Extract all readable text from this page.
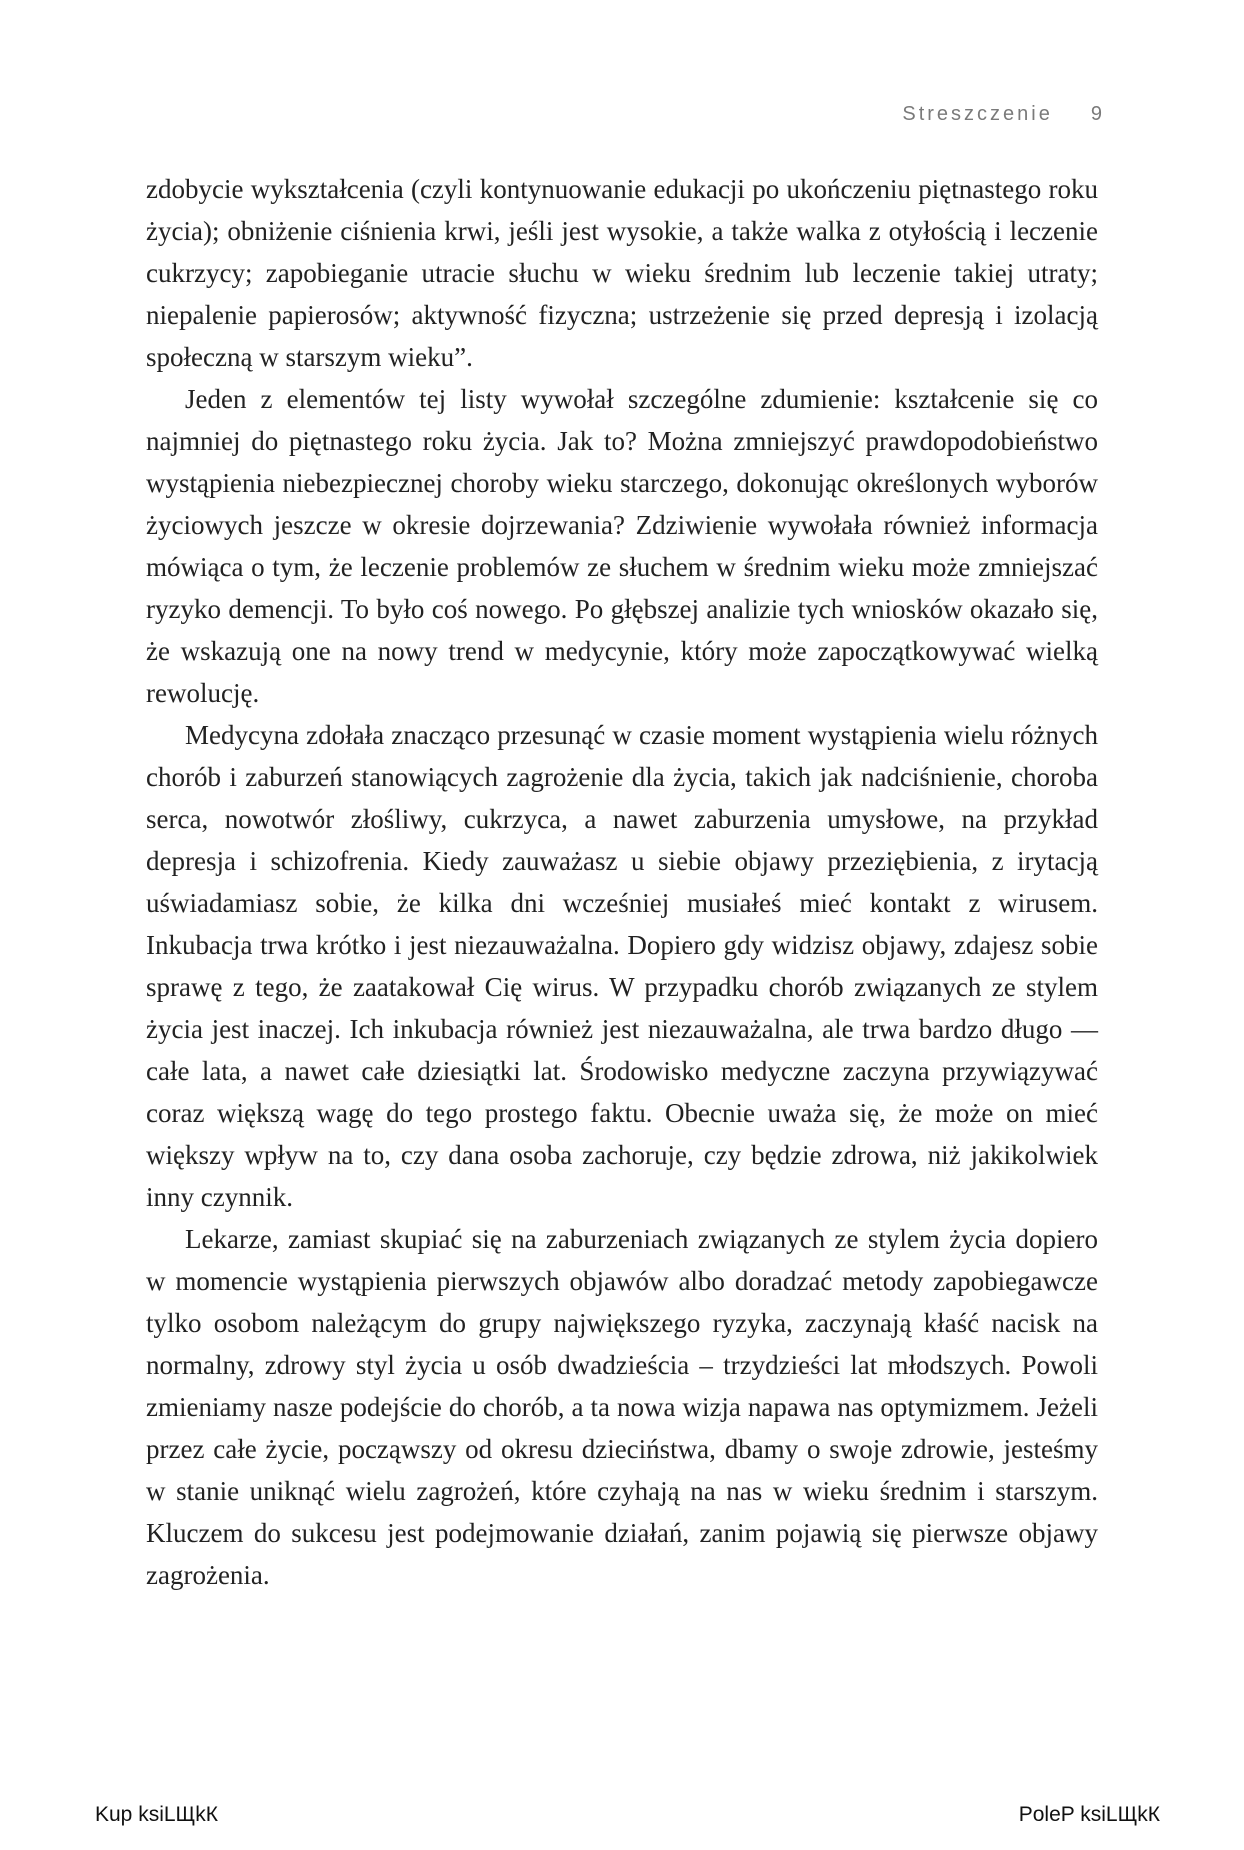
Streszczenie 9

zdobycie wykształcenia (czyli kontynuowanie edukacji po ukończeniu piętnastego roku życia); obniżenie ciśnienia krwi, jeśli jest wysokie, a także walka z otyłością i leczenie cukrzycy; zapobieganie utracie słuchu w wieku średnim lub leczenie takiej utraty; niepalenie papierosów; aktywność fizyczna; ustrzeżenie się przed depresją i izolacją społeczną w starszym wieku”.

Jeden z elementów tej listy wywołał szczególne zdumienie: kształcenie się co najmniej do piętnastego roku życia. Jak to? Można zmniejszyć prawdopodobieństwo wystąpienia niebezpiecznej choroby wieku starczego, dokonując określonych wyborów życiowych jeszcze w okresie dojrzewania? Zdziwienie wywołała również informacja mówiąca o tym, że leczenie problemów ze słuchem w średnim wieku może zmniejszać ryzyko demencji. To było coś nowego. Po głębszej analizie tych wniosków okazało się, że wskazują one na nowy trend w medycynie, który może zapoczątkowywać wielką rewolucję.

Medycyna zdołała znacząco przesunąć w czasie moment wystąpienia wielu różnych chorób i zaburzeń stanowiących zagrożenie dla życia, takich jak nadciśnienie, choroba serca, nowotwór złośliwy, cukrzyca, a nawet zaburzenia umysłowe, na przykład depresja i schizofrenia. Kiedy zauważasz u siebie objawy przeziębienia, z irytacją uświadamiasz sobie, że kilka dni wcześniej musiałeś mieć kontakt z wirusem. Inkubacja trwa krótko i jest niezauważalna. Dopiero gdy widzisz objawy, zdajesz sobie sprawę z tego, że zaatakował Cię wirus. W przypadku chorób związanych ze stylem życia jest inaczej. Ich inkubacja również jest niezauważalna, ale trwa bardzo długo — całe lata, a nawet całe dziesiątki lat. Środowisko medyczne zaczyna przywiązywać coraz większą wagę do tego prostego faktu. Obecnie uważa się, że może on mieć większy wpływ na to, czy dana osoba zachoruje, czy będzie zdrowa, niż jakikolwiek inny czynnik.

Lekarze, zamiast skupiać się na zaburzeniach związanych ze stylem życia dopiero w momencie wystąpienia pierwszych objawów albo doradzać metody zapobiegawcze tylko osobom należącym do grupy największego ryzyka, zaczynają kłaść nacisk na normalny, zdrowy styl życia u osób dwadzieścia – trzydzieści lat młodszych. Powoli zmieniamy nasze podejście do chorób, a ta nowa wizja napawa nas optymizmem. Jeżeli przez całe życie, począwszy od okresu dzieciństwa, dbamy o swoje zdrowie, jesteśmy w stanie uniknąć wielu zagrożeń, które czyhają na nas w wieku średnim i starszym. Kluczem do sukcesu jest podejmowanie działań, zanim pojawią się pierwsze objawy zagrożenia.

Kup ksiLЩkК	PoleP ksiLЩkК
